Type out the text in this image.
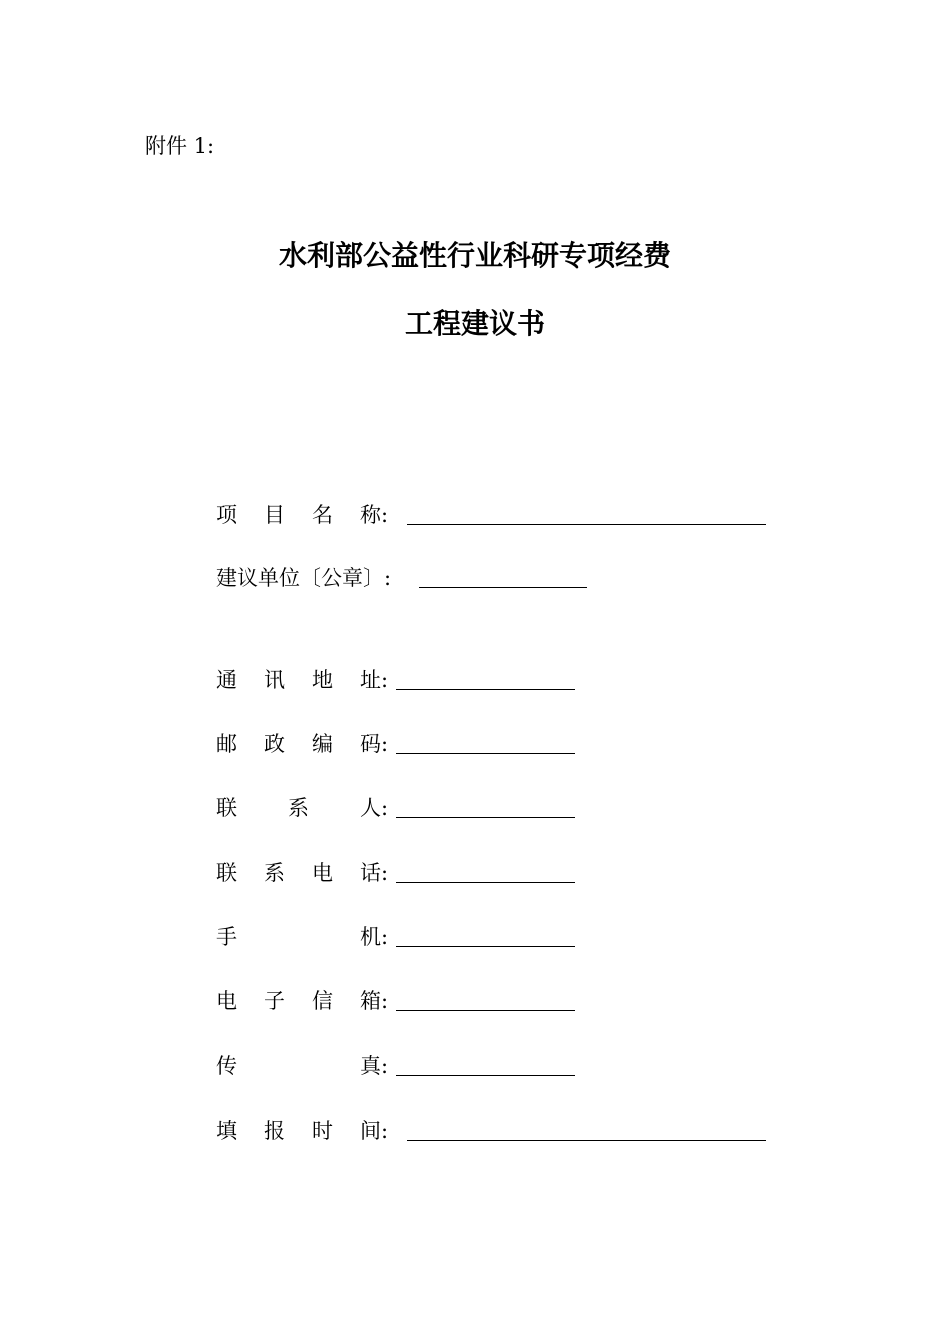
附件 1:
水利部公益性行业科研专项经费
工程建议书
项 目 名 称 :
建议单位〔公章〕:
通 讯 地 址 :
邮 政 编 码 :
联 系 人 :
联 系 电 话 :
手	机 :
电 子 信 箱 :
传	真 :
填 报 时 间 :
